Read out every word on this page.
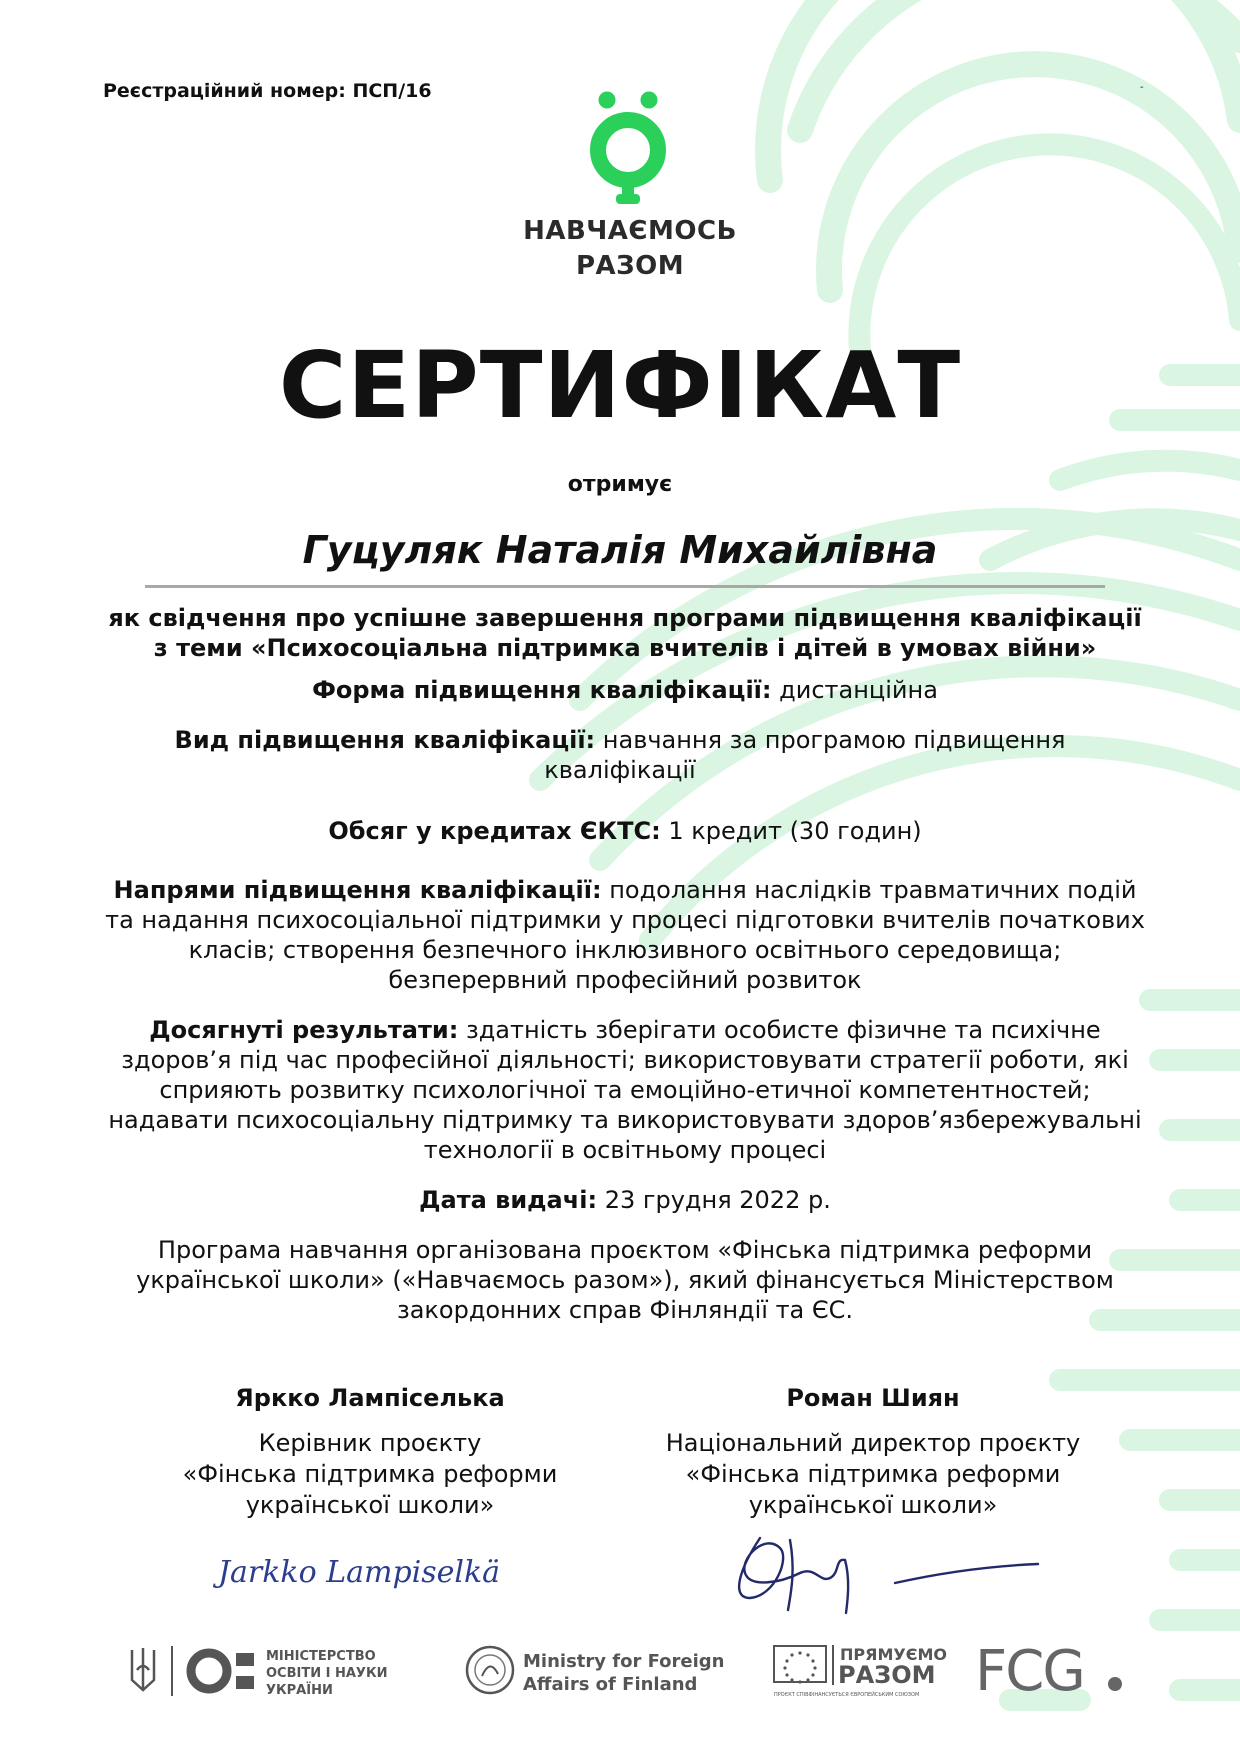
Реєстраційний номер: ПСП/16	-
НАВЧАЄМОСЬ
РАЗОМ
СЕРТИФІКАТ
отримує
Гуцуляк Наталія Михайлівна
як свідчення про успішне завершення програми підвищення кваліфікації
з теми «Психосоціальна підтримка вчителів і дітей в умовах війни»
Форма підвищення кваліфікації: дистанційна
Вид підвищення кваліфікації: навчання за програмою підвищення
кваліфікації
Обсяг у кредитах ЄКТС: 1 кредит (30 годин)
Напрями підвищення кваліфікації: подолання наслідків травматичних подій
та надання психосоціальної підтримки у процесі підготовки вчителів початкових
класів; створення безпечного інклюзивного освітнього середовища;
безперервний професійний розвиток
Досягнуті результати: здатність зберігати особисте фізичне та психічне
здоров’я під час професійної діяльності; використовувати стратегії роботи, які
сприяють розвитку психологічної та емоційно-етичної компетентностей;
надавати психосоціальну підтримку та використовувати здоров’язбережувальні
технології в освітньому процесі
Дата видачі: 23 грудня 2022 р.
Програма навчання організована проєктом «Фінська підтримка реформи
української школи» («Навчаємось разом»), який фінансується Міністерством
закордонних справ Фінляндії та ЄС.
Яркко Лампіселька
Керівник проєкту
«Фінська підтримка реформи
української школи»
Роман Шиян
Національний директор проєкту
«Фінська підтримка реформи
української школи»
Jarkko Lampiselkä
МІНІСТЕРСТВО
ОСВІТИ І НАУКИ
УКРАЇНИ
Ministry for Foreign
Affairs of Finland
ПРЯМУЄМО
РАЗОМ
ПРОЄКТ СПІВФІНАНСУЄТЬСЯ ЄВРОПЕЙСЬКИМ СОЮЗОМ FCG
